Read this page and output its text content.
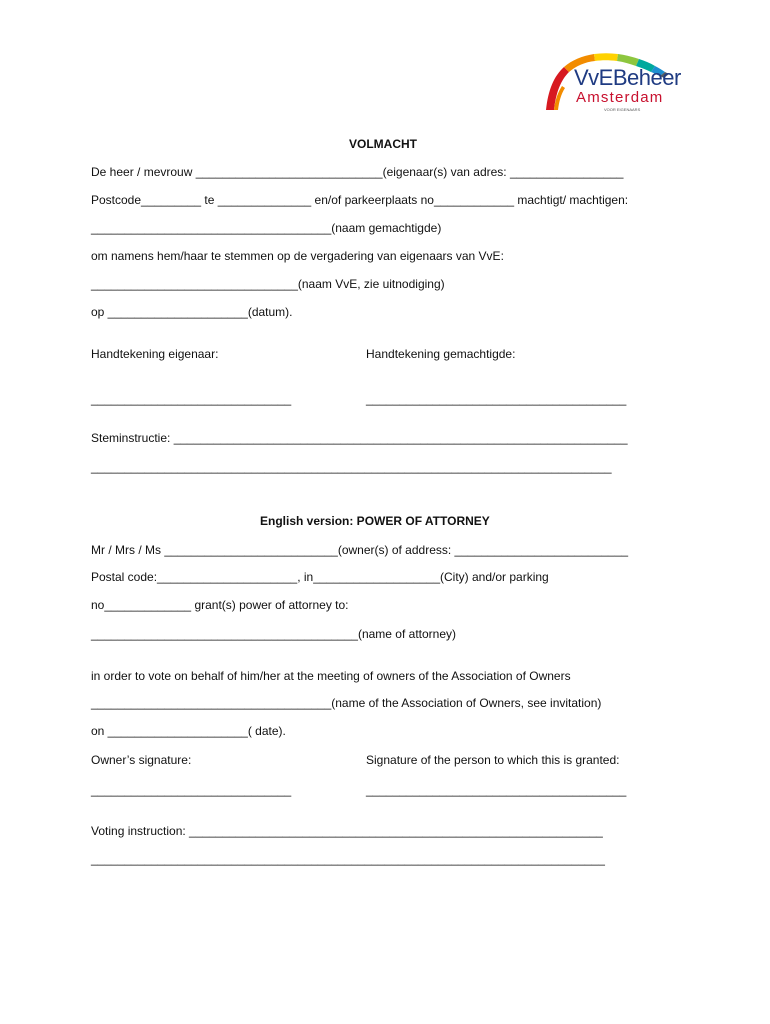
VvEBeheer
Amsterdam
VOOR EIGENAARS
VOLMACHT
De heer / mevrouw ____________________________(eigenaar(s) van adres: _________________
Postcode_________ te ______________ en/of parkeerplaats no____________ machtigt/ machtigen:
____________________________________(naam gemachtigde)
om namens hem/haar te stemmen op de vergadering van eigenaars van VvE:
_______________________________(naam VvE, zie uitnodiging)
op _____________________(datum).
Handtekening eigenaar:	Handtekening gemachtigde:
______________________________	_______________________________________
Steminstructie: ____________________________________________________________________
______________________________________________________________________________
English version: POWER OF ATTORNEY
Mr / Mrs / Ms __________________________(owner(s) of address: __________________________
Postal code:_____________________, in___________________(City) and/or parking
no_____________ grant(s) power of attorney to:
________________________________________(name of attorney)
in order to vote on behalf of him/her at the meeting of owners of the Association of Owners
____________________________________(name of the Association of Owners, see invitation)
on _____________________( date).
Owner’s signature:	Signature of the person to which this is granted:
______________________________	_______________________________________
Voting instruction: ______________________________________________________________
_____________________________________________________________________________
